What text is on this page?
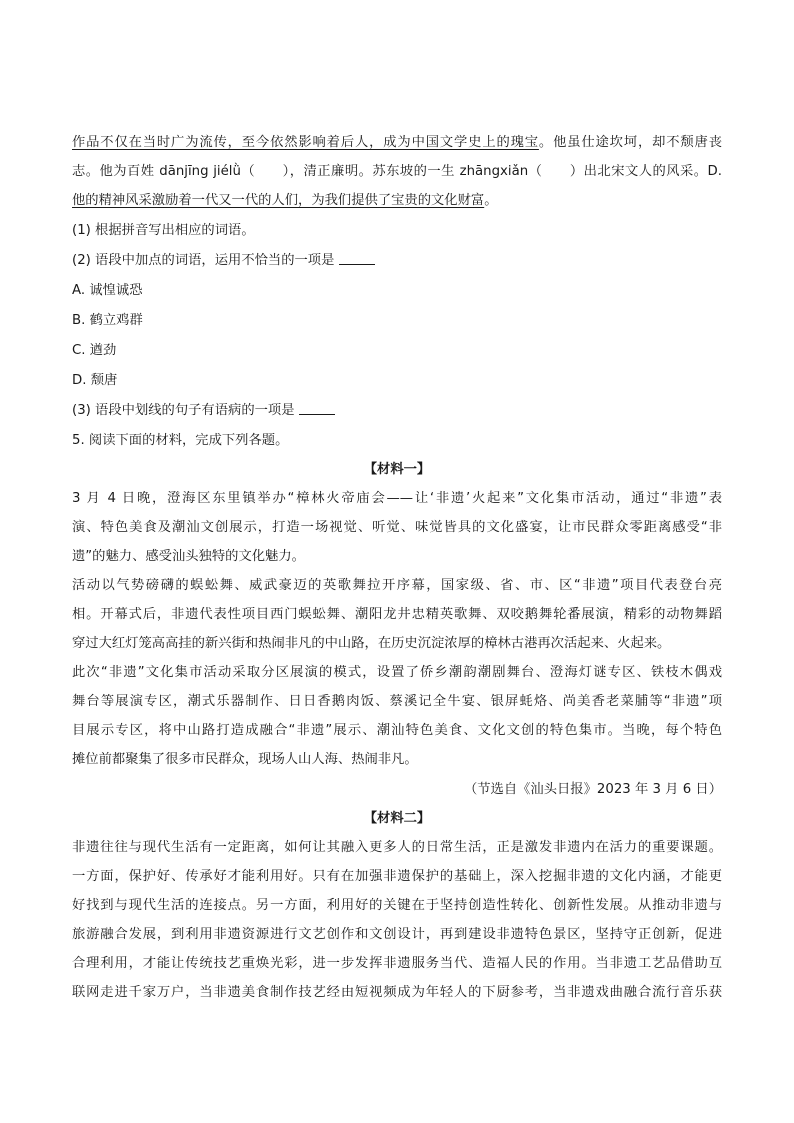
作品不仅在当时广为流传，至今依然影响着后人，成为中国文学史上的瑰宝。他虽仕途坎坷，却不颓唐丧
志。他为百姓 dānjīng jiélǜ（　　），清正廉明。苏东坡的一生 zhāngxiǎn（　　）出北宋文人的风采。D.
他的精神风采激励着一代又一代的人们，为我们提供了宝贵的文化财富。
(1) 根据拼音写出相应的词语。
(2) 语段中加点的词语，运用不恰当的一项是
A. 诚惶诚恐
B. 鹤立鸡群
C. 遒劲
D. 颓唐
(3) 语段中划线的句子有语病的一项是
5. 阅读下面的材料，完成下列各题。
【材料一】
3 月 4 日晚，澄海区东里镇举办“樟林火帝庙会——让‘非遗’火起来”文化集市活动，通过“非遗”表
演、特色美食及潮汕文创展示，打造一场视觉、听觉、味觉皆具的文化盛宴，让市民群众零距离感受“非
遗”的魅力、感受汕头独特的文化魅力。
活动以气势磅礴的蜈蚣舞、威武豪迈的英歌舞拉开序幕，国家级、省、市、区“非遗”项目代表登台亮
相。开幕式后，非遗代表性项目西门蜈蚣舞、潮阳龙井忠精英歌舞、双咬鹅舞轮番展演，精彩的动物舞蹈
穿过大红灯笼高高挂的新兴街和热闹非凡的中山路，在历史沉淀浓厚的樟林古港再次活起来、火起来。
此次“非遗”文化集市活动采取分区展演的模式，设置了侨乡潮韵潮剧舞台、澄海灯谜专区、铁枝木偶戏
舞台等展演专区，潮式乐器制作、日日香鹅肉饭、蔡溪记全牛宴、银屏蚝烙、尚美香老菜脯等“非遗”项
目展示专区，将中山路打造成融合“非遗”展示、潮汕特色美食、文化文创的特色集市。当晚，每个特色
摊位前都聚集了很多市民群众，现场人山人海、热闹非凡。
（节选自《汕头日报》2023 年 3 月 6 日）
【材料二】
非遗往往与现代生活有一定距离，如何让其融入更多人的日常生活，正是激发非遗内在活力的重要课题。
一方面，保护好、传承好才能利用好。只有在加强非遗保护的基础上，深入挖掘非遗的文化内涵，才能更
好找到与现代生活的连接点。另一方面，利用好的关键在于坚持创造性转化、创新性发展。从推动非遗与
旅游融合发展，到利用非遗资源进行文艺创作和文创设计，再到建设非遗特色景区，坚持守正创新，促进
合理利用，才能让传统技艺重焕光彩，进一步发挥非遗服务当代、造福人民的作用。当非遗工艺品借助互
联网走进千家万户，当非遗美食制作技艺经由短视频成为年轻人的下厨参考，当非遗戏曲融合流行音乐获
